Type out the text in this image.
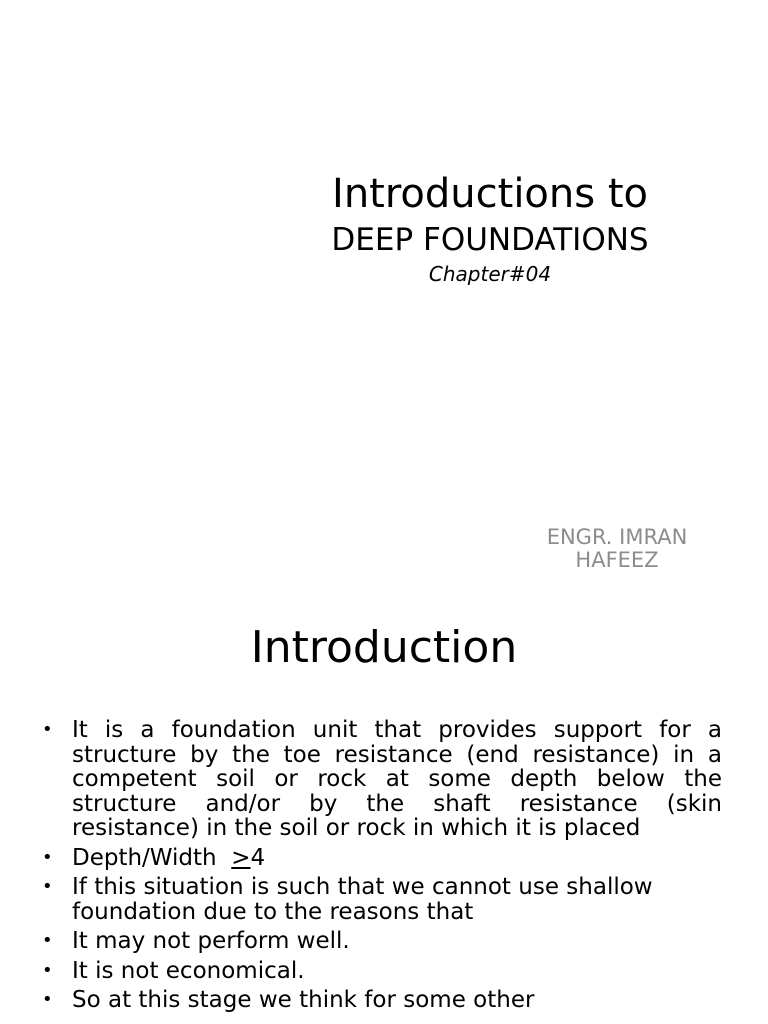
Introductions to
DEEP FOUNDATIONS
Chapter#04
ENGR. IMRAN
HAFEEZ
Introduction
• It is a foundation unit that provides support for a structure by the toe resistance (end resistance) in a competent soil or rock at some depth below the structure and/or by the shaft resistance (skin resistance) in the soil or rock in which it is placed
• Depth/Width ≥4
• If this situation is such that we cannot use shallow foundation due to the reasons that
• It may not perform well.
• It is not economical.
• So at this stage we think for some other
